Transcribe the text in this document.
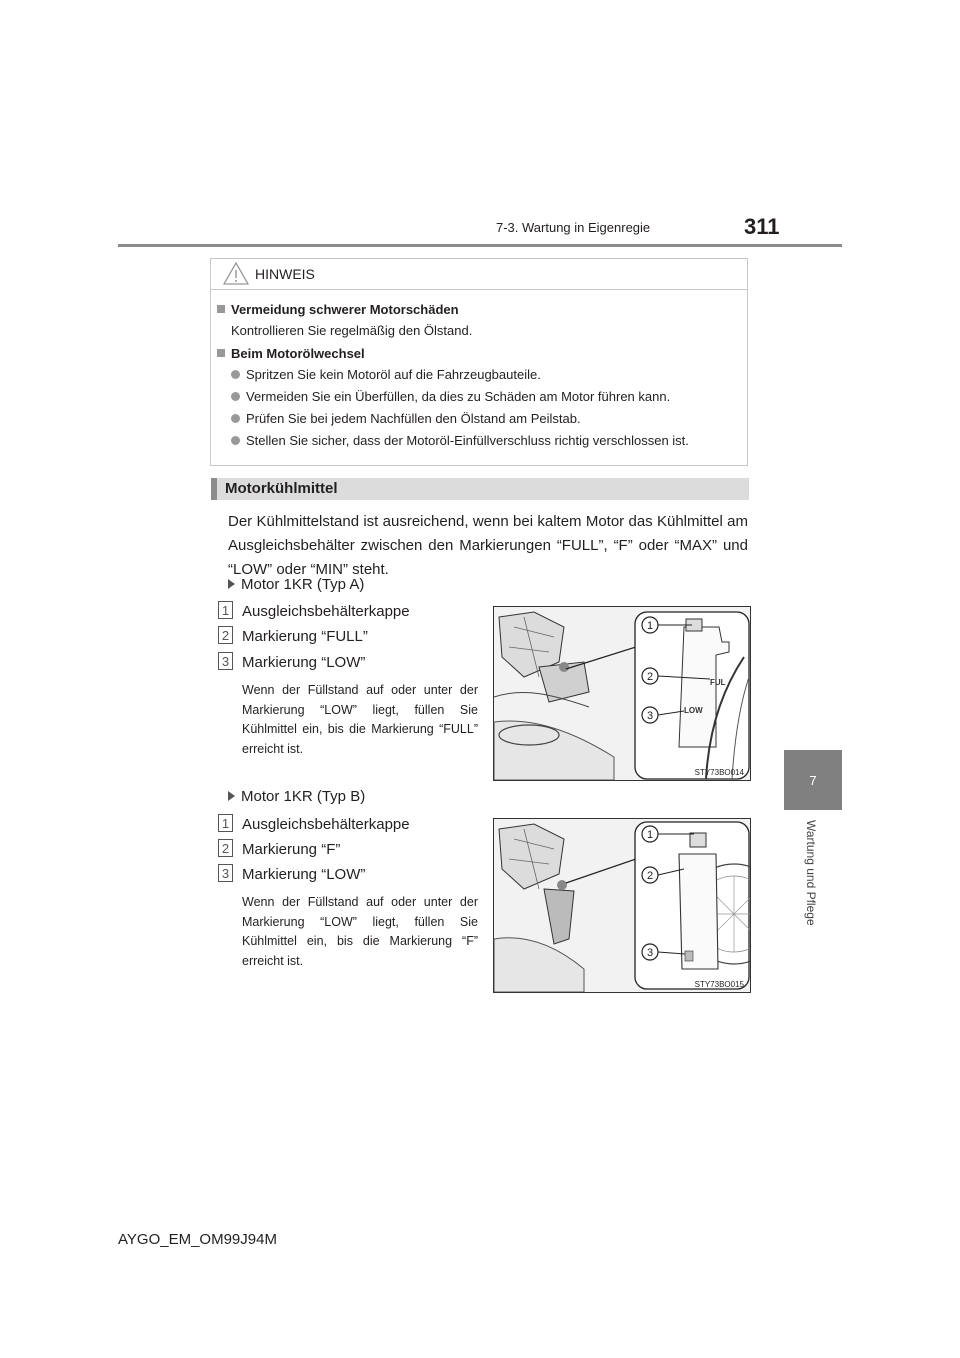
7-3. Wartung in Eigenregie	311
7
Wartung und Pflege
HINWEIS
Vermeidung schwerer Motorschäden
Kontrollieren Sie regelmäßig den Ölstand.
Beim Motorölwechsel
Spritzen Sie kein Motoröl auf die Fahrzeugbauteile.
Vermeiden Sie ein Überfüllen, da dies zu Schäden am Motor führen kann.
Prüfen Sie bei jedem Nachfüllen den Ölstand am Peilstab.
Stellen Sie sicher, dass der Motoröl-Einfüllverschluss richtig verschlossen ist.
Motorkühlmittel
Der Kühlmittelstand ist ausreichend, wenn bei kaltem Motor das Kühlmittel am Ausgleichsbehälter zwischen den Markierungen “FULL”, “F” oder “MAX” und “LOW” oder “MIN” steht.
Motor 1KR (Typ A)
1 Ausgleichsbehälterkappe
2 Markierung “FULL”
3 Markierung “LOW”
Wenn der Füllstand auf oder unter der Markierung “LOW” liegt, füllen Sie Kühlmittel ein, bis die Markierung “FULL” erreicht ist.
FUL
LOW
1
2
3
STY73BO014
Motor 1KR (Typ B)
1 Ausgleichsbehälterkappe
2 Markierung “F”
3 Markierung “LOW”
Wenn der Füllstand auf oder unter der Markierung “LOW” liegt, füllen Sie Kühlmittel ein, bis die Markierung “F” erreicht ist.
1
2
3
STY73BO015
AYGO_EM_OM99J94M
